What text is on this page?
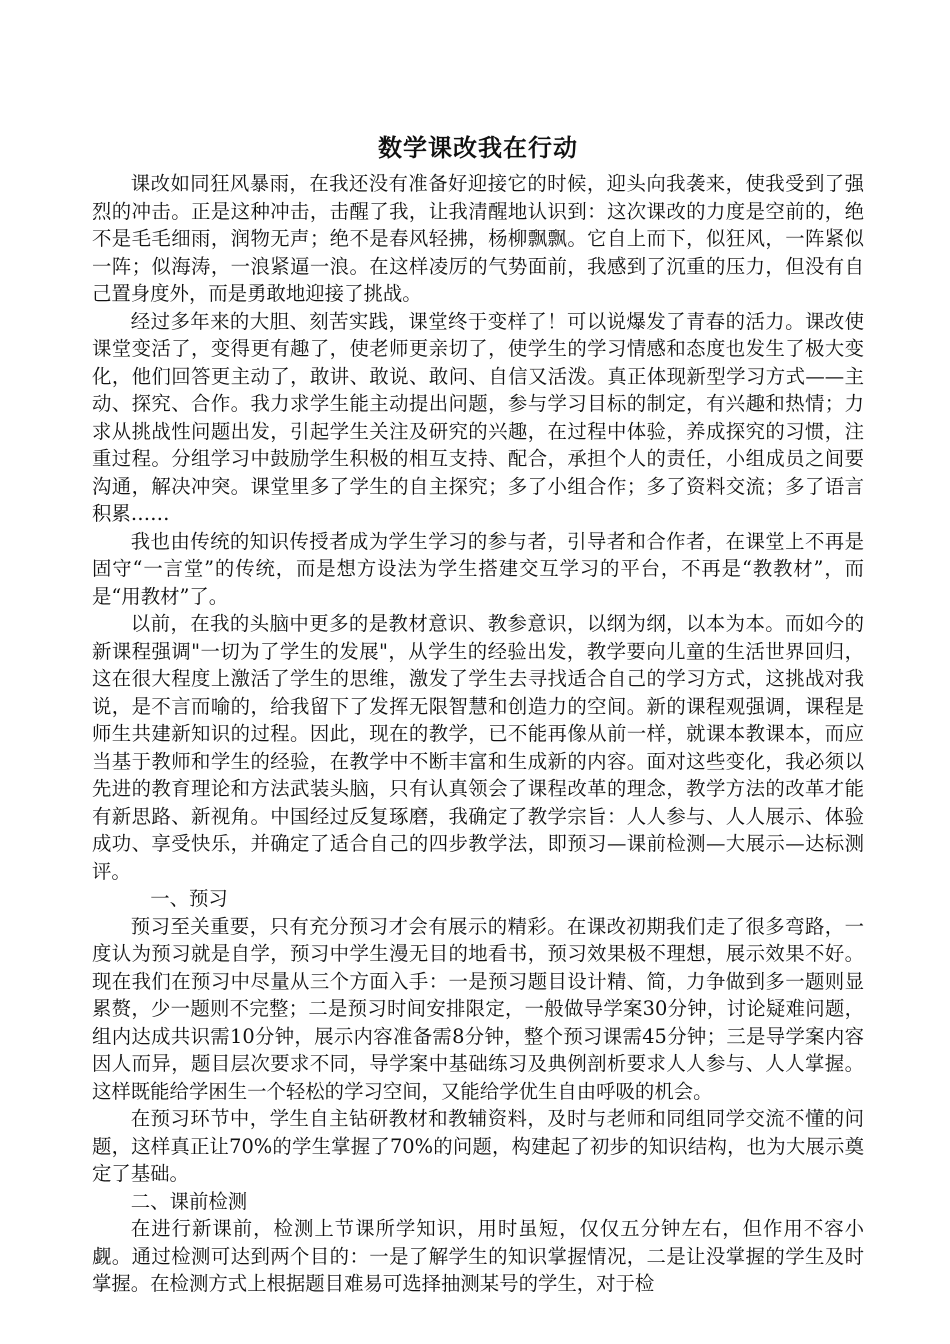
数学课改我在行动

课改如同狂风暴雨，在我还没有准备好迎接它的时候，迎头向我袭来，使我受到了强烈的冲击。正是这种冲击，击醒了我，让我清醒地认识到：这次课改的力度是空前的，绝不是毛毛细雨，润物无声；绝不是春风轻拂，杨柳飘飘。它自上而下，似狂风，一阵紧似一阵；似海涛，一浪紧逼一浪。在这样凌厉的气势面前，我感到了沉重的压力，但没有自己置身度外，而是勇敢地迎接了挑战。

经过多年来的大胆、刻苦实践，课堂终于变样了！可以说爆发了青春的活力。课改使课堂变活了，变得更有趣了，使老师更亲切了，使学生的学习情感和态度也发生了极大变化，他们回答更主动了，敢讲、敢说、敢问、自信又活泼。真正体现新型学习方式——主动、探究、合作。我力求学生能主动提出问题，参与学习目标的制定，有兴趣和热情；力求从挑战性问题出发，引起学生关注及研究的兴趣，在过程中体验，养成探究的习惯，注重过程。分组学习中鼓励学生积极的相互支持、配合，承担个人的责任，小组成员之间要沟通，解决冲突。课堂里多了学生的自主探究；多了小组合作；多了资料交流；多了语言积累……

我也由传统的知识传授者成为学生学习的参与者，引导者和合作者，在课堂上不再是固守“一言堂”的传统，而是想方设法为学生搭建交互学习的平台，不再是“教教材”，而是“用教材”了。

以前，在我的头脑中更多的是教材意识、教参意识，以纲为纲，以本为本。而如今的新课程强调"一切为了学生的发展"，从学生的经验出发，教学要向儿童的生活世界回归，这在很大程度上激活了学生的思维，激发了学生去寻找适合自己的学习方式，这挑战对我说，是不言而喻的，给我留下了发挥无限智慧和创造力的空间。新的课程观强调，课程是师生共建新知识的过程。因此，现在的教学，已不能再像从前一样，就课本教课本，而应当基于教师和学生的经验，在教学中不断丰富和生成新的内容。面对这些变化，我必须以先进的教育理论和方法武装头脑，只有认真领会了课程改革的理念，教学方法的改革才能有新思路、新视角。中国经过反复琢磨，我确定了教学宗旨：人人参与、人人展示、体验成功、享受快乐，并确定了适合自己的四步教学法，即预习—课前检测—大展示—达标测评。

一、预习

预习至关重要，只有充分预习才会有展示的精彩。在课改初期我们走了很多弯路，一度认为预习就是自学，预习中学生漫无目的地看书，预习效果极不理想，展示效果不好。现在我们在预习中尽量从三个方面入手：一是预习题目设计精、简，力争做到多一题则显累赘，少一题则不完整；二是预习时间安排限定，一般做导学案30分钟，讨论疑难问题，组内达成共识需10分钟，展示内容准备需8分钟，整个预习课需45分钟；三是导学案内容因人而异，题目层次要求不同，导学案中基础练习及典例剖析要求人人参与、人人掌握。这样既能给学困生一个轻松的学习空间，又能给学优生自由呼吸的机会。

在预习环节中，学生自主钻研教材和教辅资料，及时与老师和同组同学交流不懂的问题，这样真正让70%的学生掌握了70%的问题，构建起了初步的知识结构，也为大展示奠定了基础。

二、课前检测

在进行新课前，检测上节课所学知识，用时虽短，仅仅五分钟左右，但作用不容小觑。通过检测可达到两个目的：一是了解学生的知识掌握情况，二是让没掌握的学生及时掌握。在检测方式上根据题目难易可选择抽测某号的学生，对于检
